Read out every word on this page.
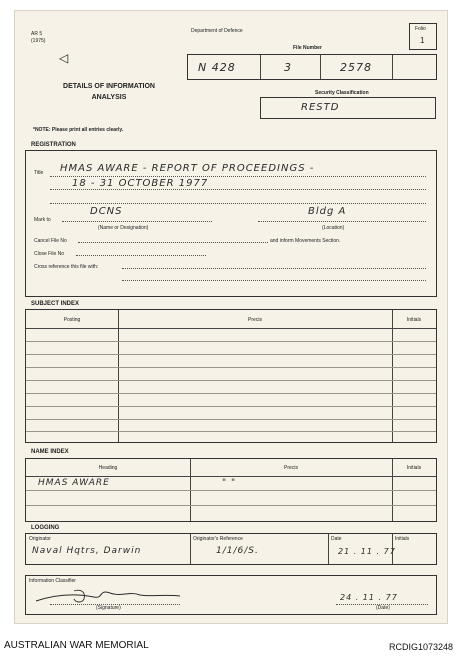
AR 5
(1975)
◁
Department of Defence	Folio
1
File Number
N 428	3	2578
DETAILS OF INFORMATION
ANALYSIS
Security Classification
RESTD
*NOTE: Please print all entries clearly.
REGISTRATION
Title HMAS AWARE - REPORT OF PROCEEDINGS -
18 - 31 OCTOBER 1977
Mark to
DCNS	Bldg A
(Name or Designation)	(Location)
Cancel File No	and inform Movements Section.
Close File No
Cross reference this file with:
SUBJECT INDEX
Posting	Precis	Initials
NAME INDEX
Heading	Precis	Initials
HMAS AWARE	" "
LOGGING
Originator
Naval Hqtrs, Darwin
Originator's Reference
1/1/6/S.
Date
21 . 11 . 77
Initials
Information Classifier
(Signature)
24 . 11 . 77
(Date)
AUSTRALIAN WAR MEMORIAL	RCDIG1073248
